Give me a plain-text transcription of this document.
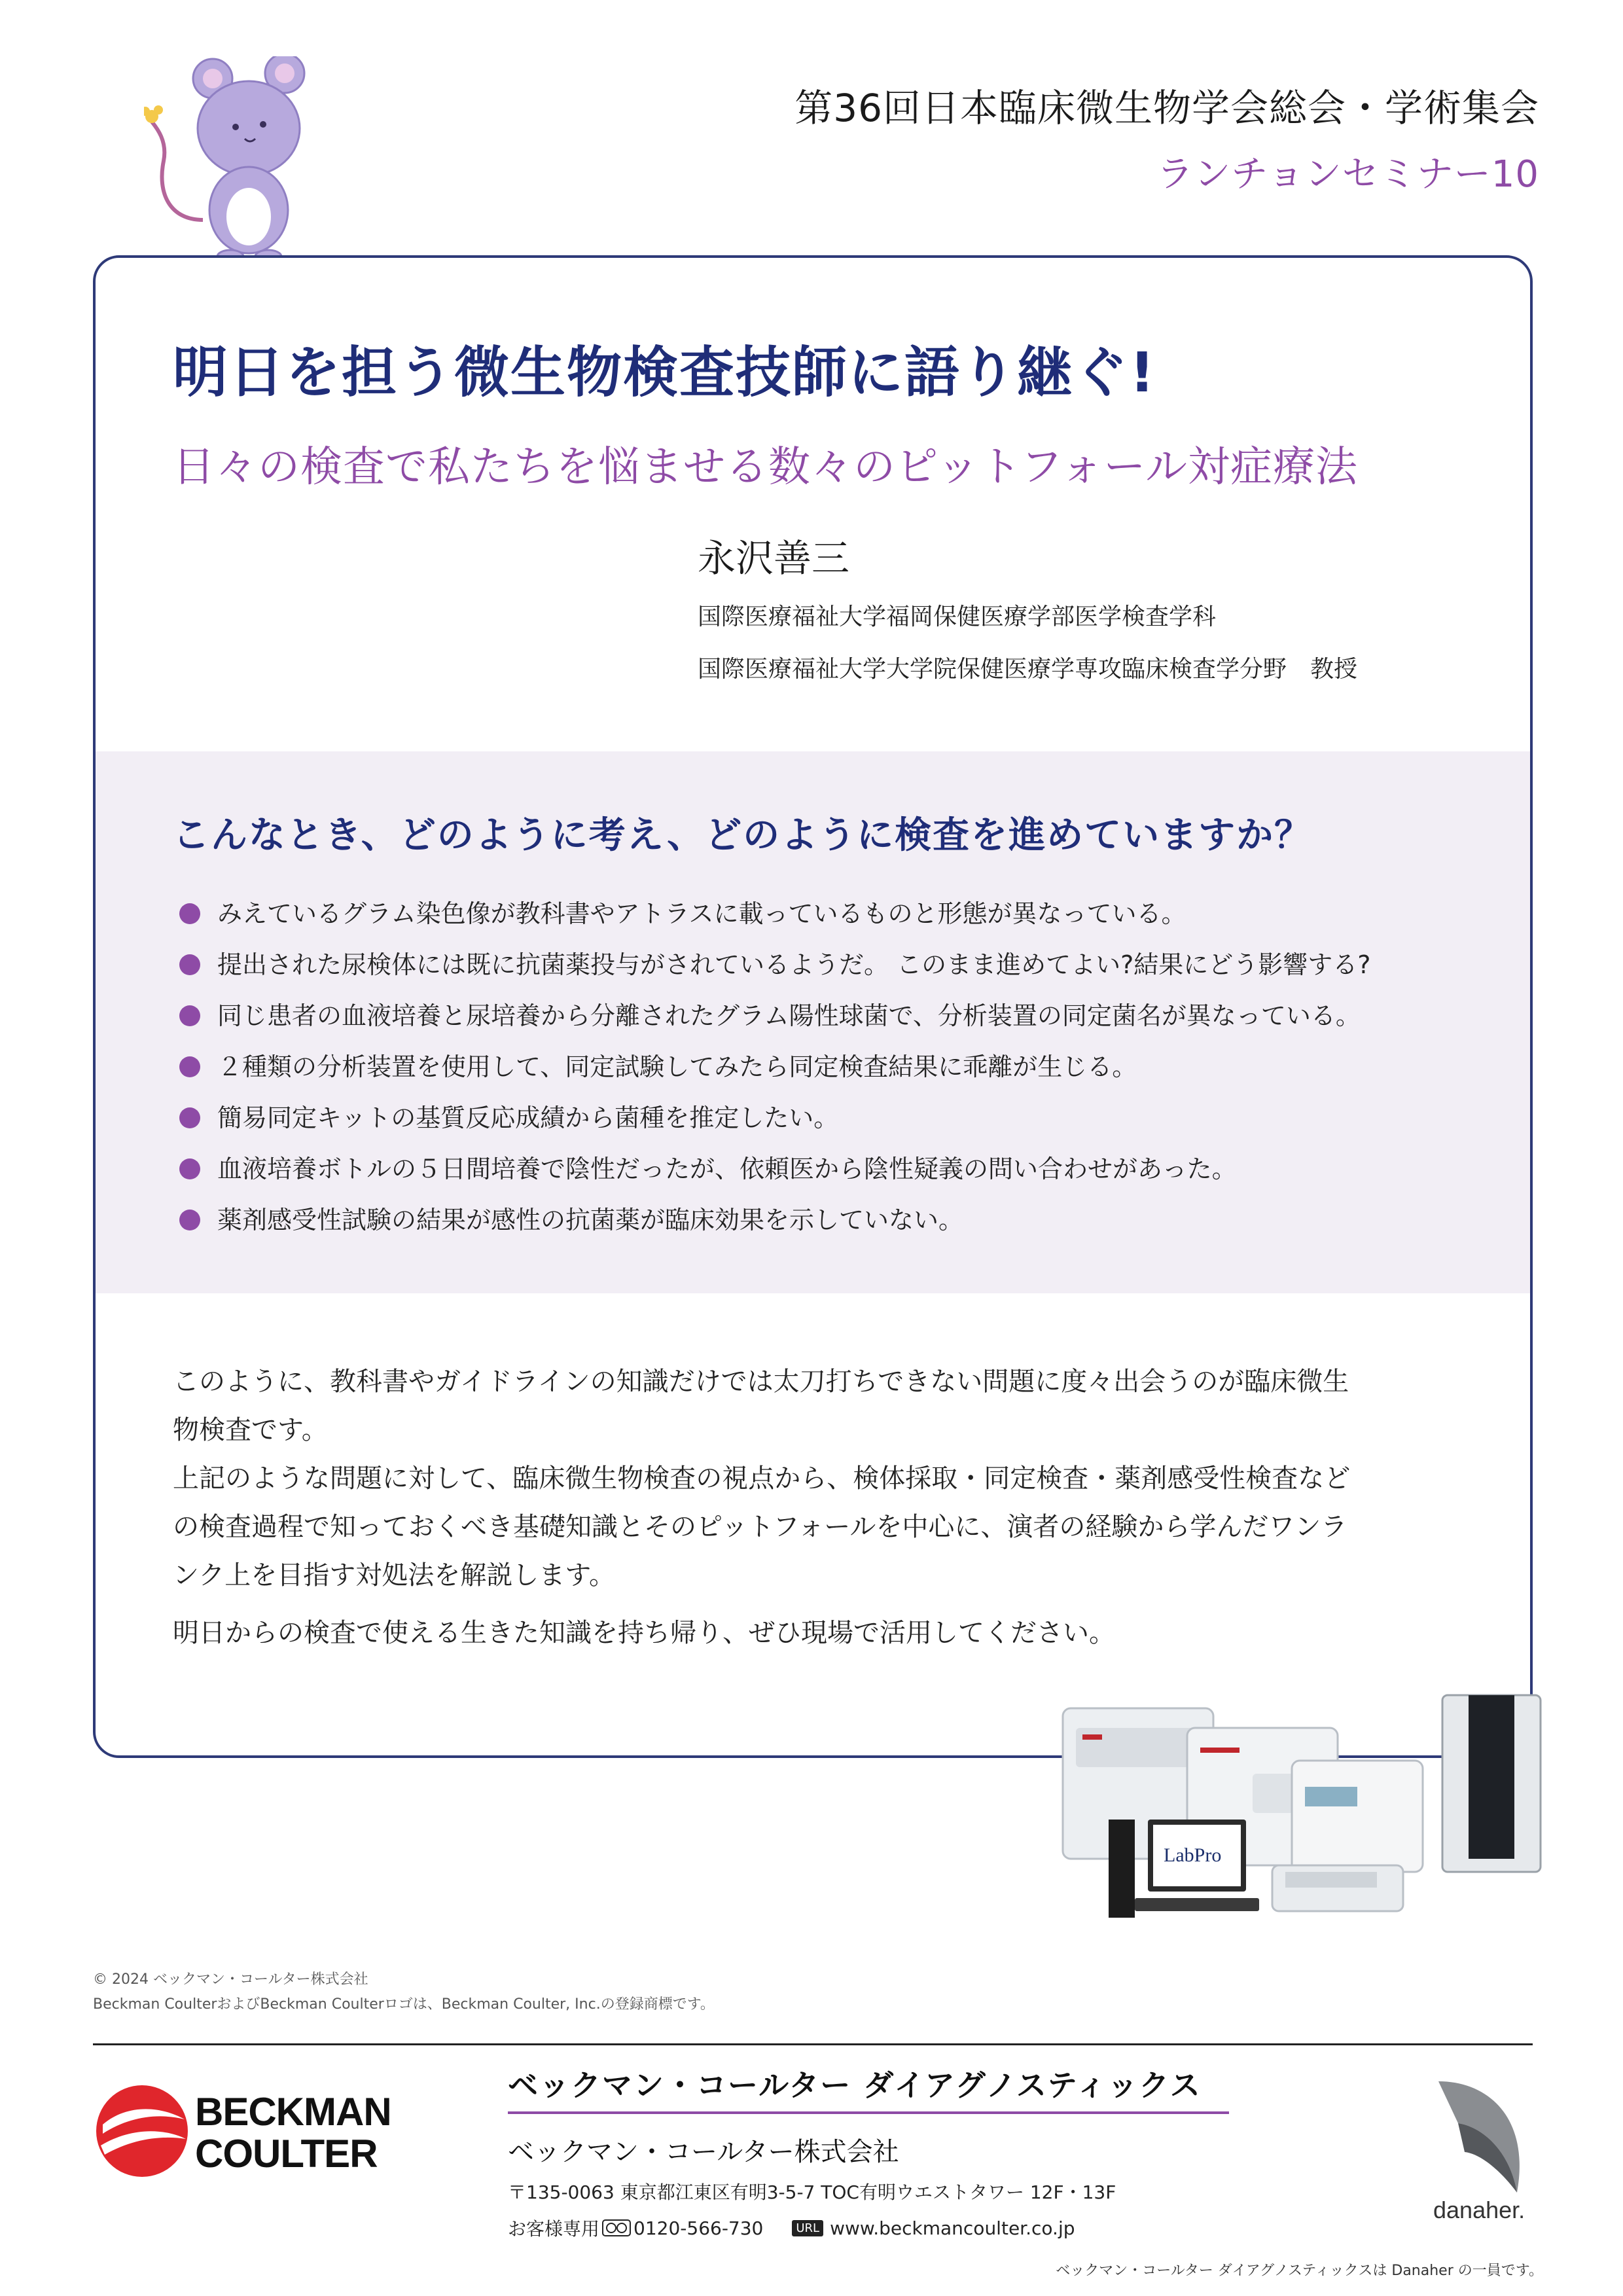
第36回日本臨床微生物学会総会・学術集会
ランチョンセミナー10
明日を担う微生物検査技師に語り継ぐ!
日々の検査で私たちを悩ませる数々のピットフォール対症療法
永沢善三
国際医療福祉大学福岡保健医療学部医学検査学科
国際医療福祉大学大学院保健医療学専攻臨床検査学分野　教授
こんなとき、どのように考え、どのように検査を進めていますか？
みえているグラム染色像が教科書やアトラスに載っているものと形態が異なっている。
提出された尿検体には既に抗菌薬投与がされているようだ。 このまま進めてよい?結果にどう影響する?
同じ患者の血液培養と尿培養から分離されたグラム陽性球菌で、分析装置の同定菌名が異なっている。
２種類の分析装置を使用して、同定試験してみたら同定検査結果に乖離が生じる。
簡易同定キットの基質反応成績から菌種を推定したい。
血液培養ボトルの５日間培養で陰性だったが、依頼医から陰性疑義の問い合わせがあった。
薬剤感受性試験の結果が感性の抗菌薬が臨床効果を示していない。

このように、教科書やガイドラインの知識だけでは太刀打ちできない問題に度々出会うのが臨床微生

物検査です。

上記のような問題に対して、臨床微生物検査の視点から、検体採取・同定検査・薬剤感受性検査など

の検査過程で知っておくべき基礎知識とそのピットフォールを中心に、演者の経験から学んだワンラ

ンク上を目指す対処法を解説します。

明日からの検査で使える生きた知識を持ち帰り、ぜひ現場で活用してください。

LabPro
© 2024 ベックマン・コールター株式会社
Beckman CoulterおよびBeckman Coulterロゴは、Beckman Coulter, Inc.の登録商標です。
BECKMAN
COULTER
ベックマン・コールター ダイアグノスティックス
ベックマン・コールター株式会社
〒135-0063 東京都江東区有明3-5-7 TOC有明ウエストタワー 12F・13F
お客様専用 0120-566-730	URL www.beckmancoulter.co.jp
danaher.
ベックマン・コールター ダイアグノスティックスは Danaher の一員です。
